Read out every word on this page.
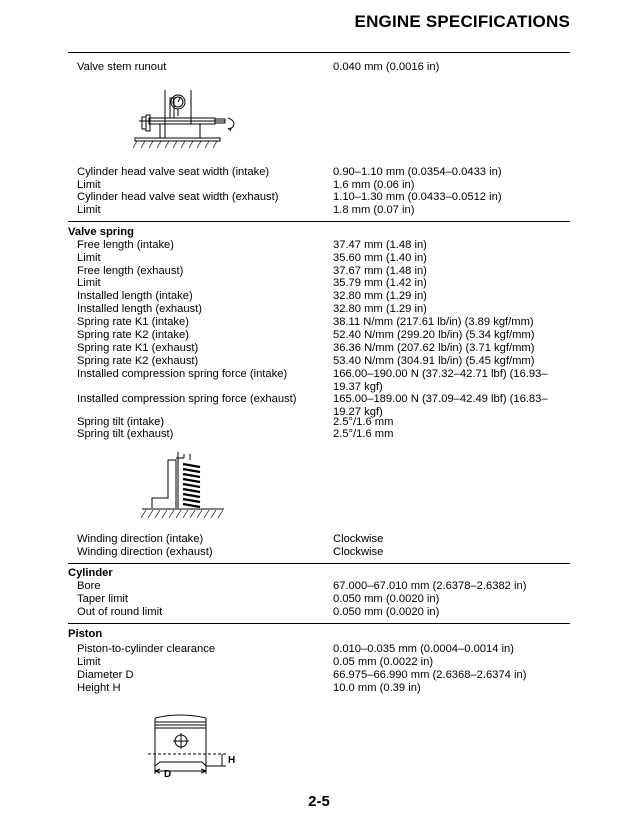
ENGINE SPECIFICATIONS
Valve stem runout	0.040 mm (0.0016 in)
Cylinder head valve seat width (intake)	0.90–1.10 mm (0.0354–0.0433 in)
Limit	1.6 mm (0.06 in)
Cylinder head valve seat width (exhaust)	1.10–1.30 mm (0.0433–0.0512 in)
Limit	1.8 mm (0.07 in)
Valve spring
Free length (intake)	37.47 mm (1.48 in)
Limit	35.60 mm (1.40 in)
Free length (exhaust)	37.67 mm (1.48 in)
Limit	35.79 mm (1.42 in)
Installed length (intake)	32.80 mm (1.29 in)
Installed length (exhaust)	32.80 mm (1.29 in)
Spring rate K1 (intake)	38.11 N/mm (217.61 lb/in) (3.89 kgf/mm)
Spring rate K2 (intake)	52.40 N/mm (299.20 lb/in) (5.34 kgf/mm)
Spring rate K1 (exhaust)	36.36 N/mm (207.62 lb/in) (3.71 kgf/mm)
Spring rate K2 (exhaust)	53.40 N/mm (304.91 lb/in) (5.45 kgf/mm)
Installed compression spring force (intake)	166.00–190.00 N (37.32–42.71 lbf) (16.93–19.37 kgf)
Installed compression spring force (exhaust)	165.00–189.00 N (37.09–42.49 lbf) (16.83–19.27 kgf)
Spring tilt (intake)	2.5°/1.6 mm
Spring tilt (exhaust)	2.5°/1.6 mm
Winding direction (intake)	Clockwise
Winding direction (exhaust)	Clockwise
Cylinder
Bore	67.000–67.010 mm (2.6378–2.6382 in)
Taper limit	0.050 mm (0.0020 in)
Out of round limit	0.050 mm (0.0020 in)
Piston
Piston-to-cylinder clearance	0.010–0.035 mm (0.0004–0.0014 in)
Limit	0.05 mm (0.0022 in)
Diameter D	66.975–66.990 mm (2.6368–2.6374 in)
Height H	10.0 mm (0.39 in)
D
H
2-5
